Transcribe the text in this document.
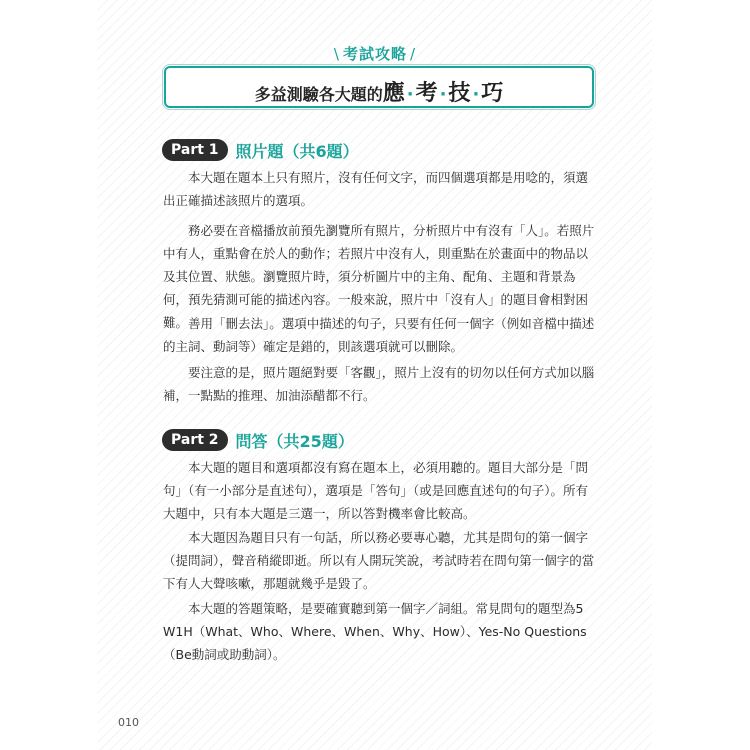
\ 考試攻略 /
多益測驗各大題的應 ·考 ·技 ·巧
Part 1	照片題（共6題）

本大題在題本上只有照片，沒有任何文字，而四個選項都是用唸的，須選出正確描述該照片的選項。

務必要在音檔播放前預先瀏覽所有照片，分析照片中有沒有「人」。若照片中有人，重點會在於人的動作；若照片中沒有人，則重點在於畫面中的物品以及其位置、狀態。瀏覽照片時，須分析圖片中的主角、配角、主題和背景為何，預先猜測可能的描述內容。一般來說，照片中「沒有人」的題目會相對困難。 善用「刪去法」。選項中描述的句子，只要有任何一個字（例如音檔中描述的主詞、動詞等）確定是錯的，則該選項就可以刪除。

要注意的是，照片題絕對要「客觀」，照片上沒有的切勿以任何方式加以腦補，一點點的推理、加油添醋都不行。

Part 2	問答（共25題）

本大題的題目和選項都沒有寫在題本上，必須用聽的。題目大部分是「問句」（有一小部分是直述句），選項是「答句」（或是回應直述句的句子）。所有大題中，只有本大題是三選一，所以答對機率會比較高。

本大題因為題目只有一句話，所以務必要專心聽，尤其是問句的第一個字（提問詞），聲音稍縱即逝。所以有人開玩笑說，考試時若在問句第一個字的當下有人大聲咳嗽，那題就幾乎是毀了。

本大題的答題策略，是要確實聽到第一個字／詞組。常見問句的題型為5W1H（What、Who、Where、When、Why、How）、Yes-No Questions（Be動詞或助動詞）。

010
